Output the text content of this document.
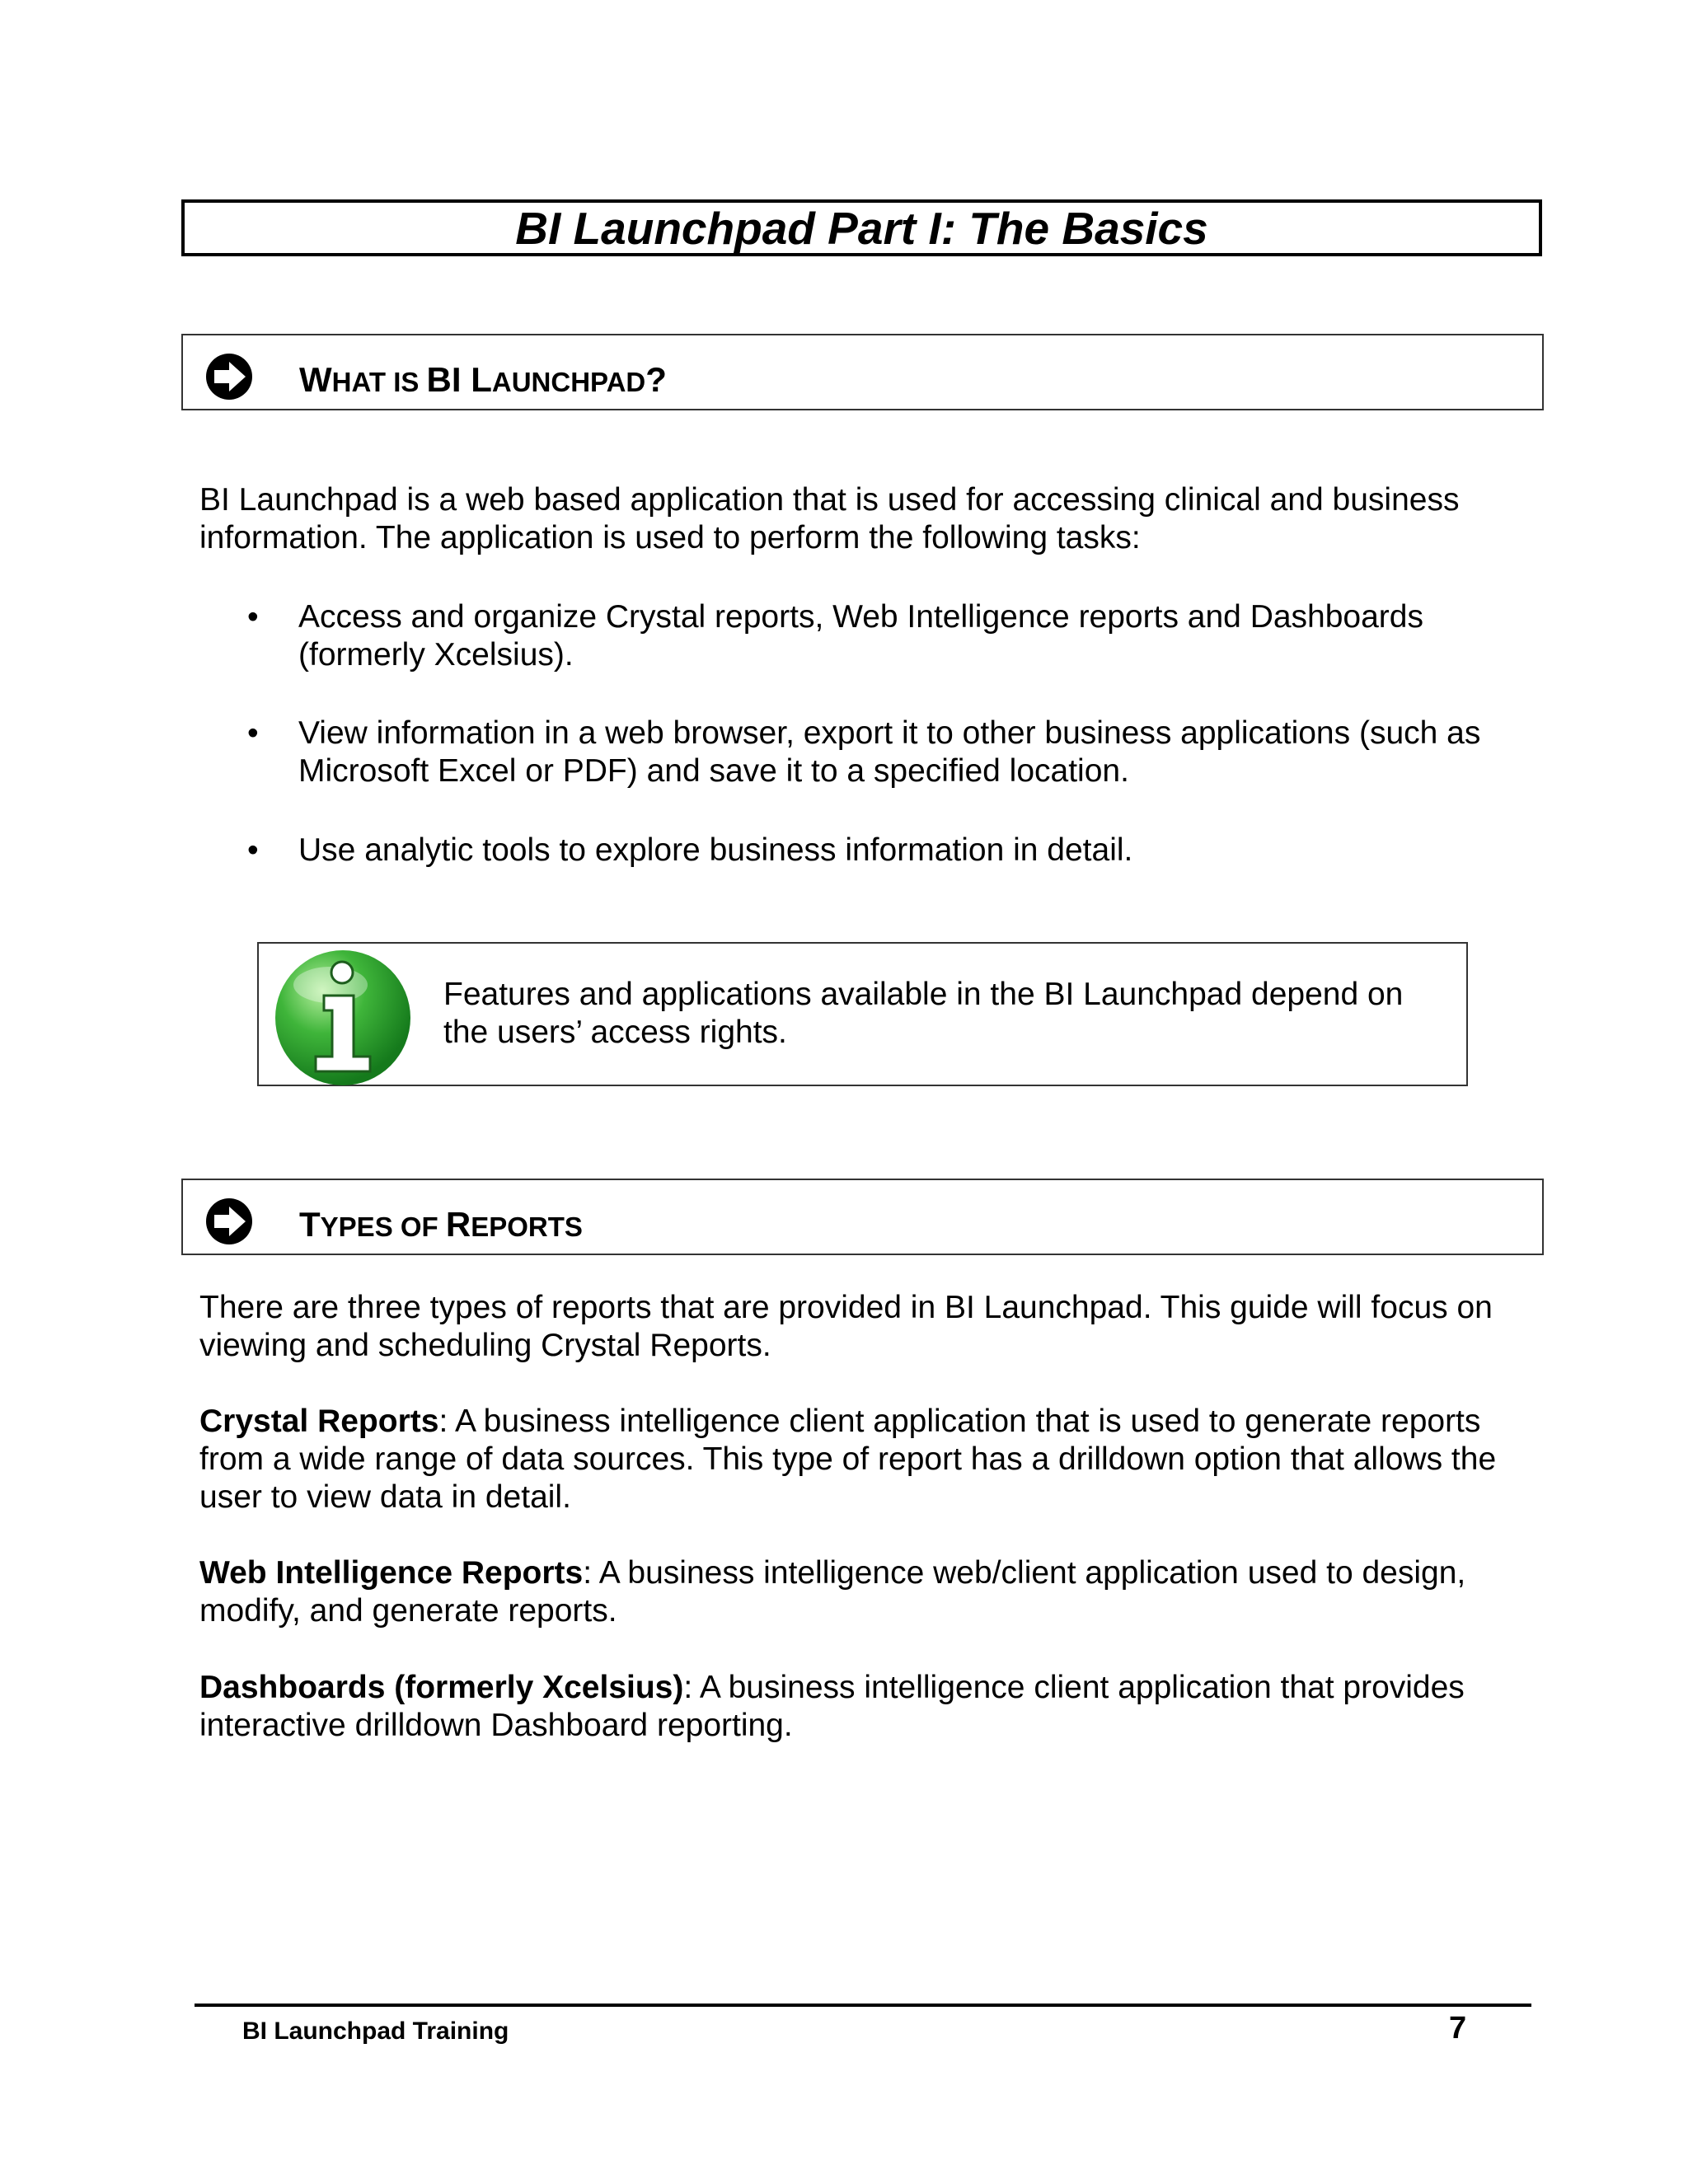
BI Launchpad Part I: The Basics
WHAT IS BI LAUNCHPAD?

BI Launchpad is a web based application that is used for accessing clinical and business information. The application is used to perform the following tasks:

• Access and organize Crystal reports, Web Intelligence reports and Dashboards (formerly Xcelsius).
• View information in a web browser, export it to other business applications (such as Microsoft Excel or PDF) and save it to a specified location.
• Use analytic tools to explore business information in detail.
Features and applications available in the BI Launchpad depend on the users’ access rights.
TYPES OF REPORTS

There are three types of reports that are provided in BI Launchpad. This guide will focus on viewing and scheduling Crystal Reports.

Crystal Reports: A business intelligence client application that is used to generate reports from a wide range of data sources. This type of report has a drilldown option that allows the user to view data in detail.

Web Intelligence Reports: A business intelligence web/client application used to design, modify, and generate reports.

Dashboards (formerly Xcelsius): A business intelligence client application that provides interactive drilldown Dashboard reporting.

BI Launchpad Training	7
